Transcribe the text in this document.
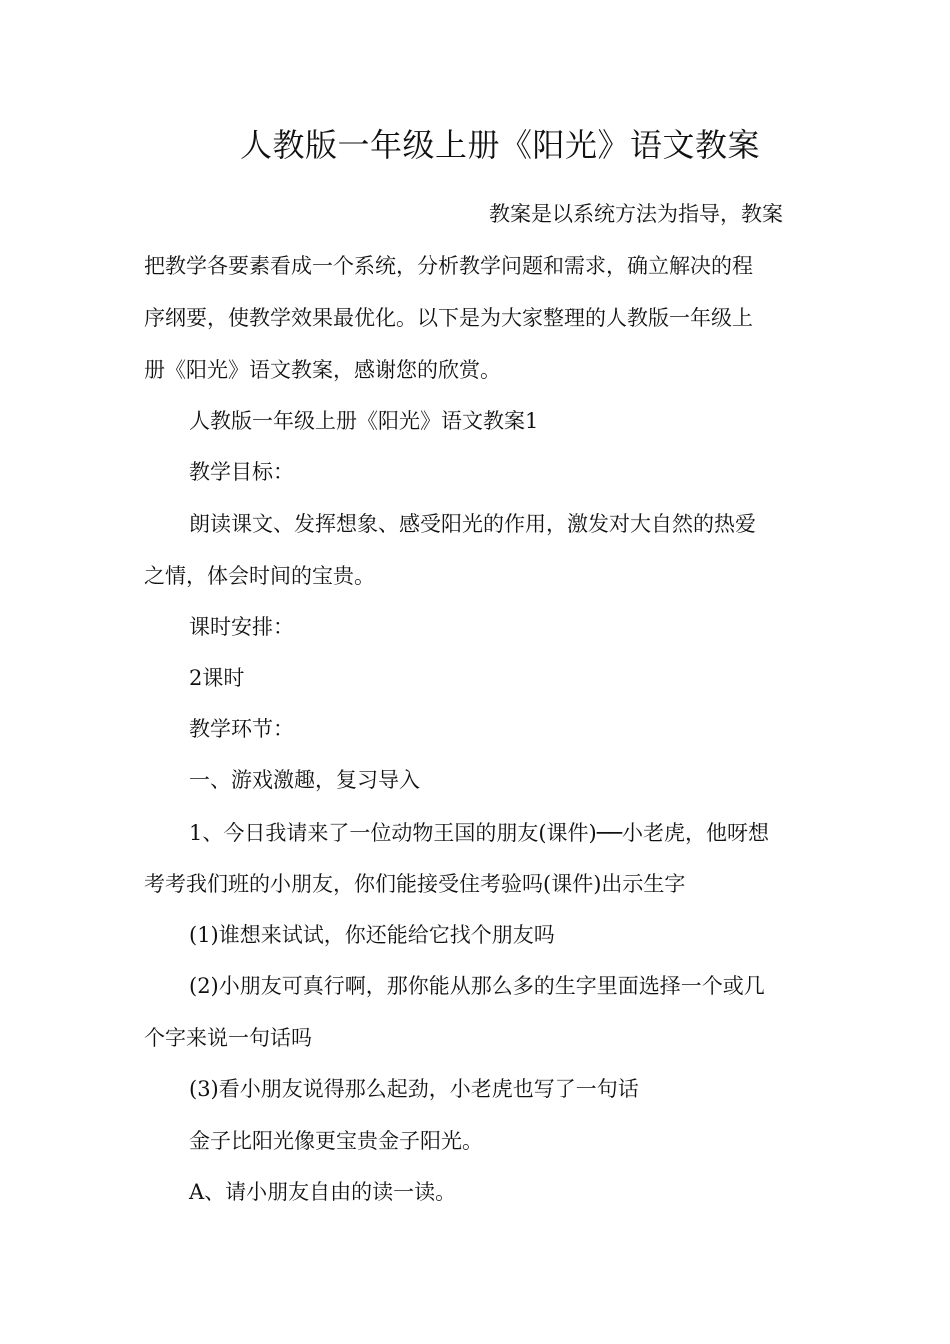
人教版一年级上册《阳光》语文教案
教案是以系统方法为指导，教案
把教学各要素看成一个系统，分析教学问题和需求，确立解决的程
序纲要，使教学效果最优化。以下是为大家整理的人教版一年级上
册《阳光》语文教案，感谢您的欣赏。
人教版一年级上册《阳光》语文教案1
教学目标：
朗读课文、发挥想象、感受阳光的作用，激发对大自然的热爱
之情，体会时间的宝贵。
课时安排：
2课时
教学环节：
一、游戏激趣，复习导入
1、今日我请来了一位动物王国的朋友(课件)──小老虎，他呀想
考考我们班的小朋友，你们能接受住考验吗(课件)出示生字
(1)谁想来试试，你还能给它找个朋友吗
(2)小朋友可真行啊，那你能从那么多的生字里面选择一个或几
个字来说一句话吗
(3)看小朋友说得那么起劲，小老虎也写了一句话
金子比阳光像更宝贵金子阳光。
A、请小朋友自由的读一读。
